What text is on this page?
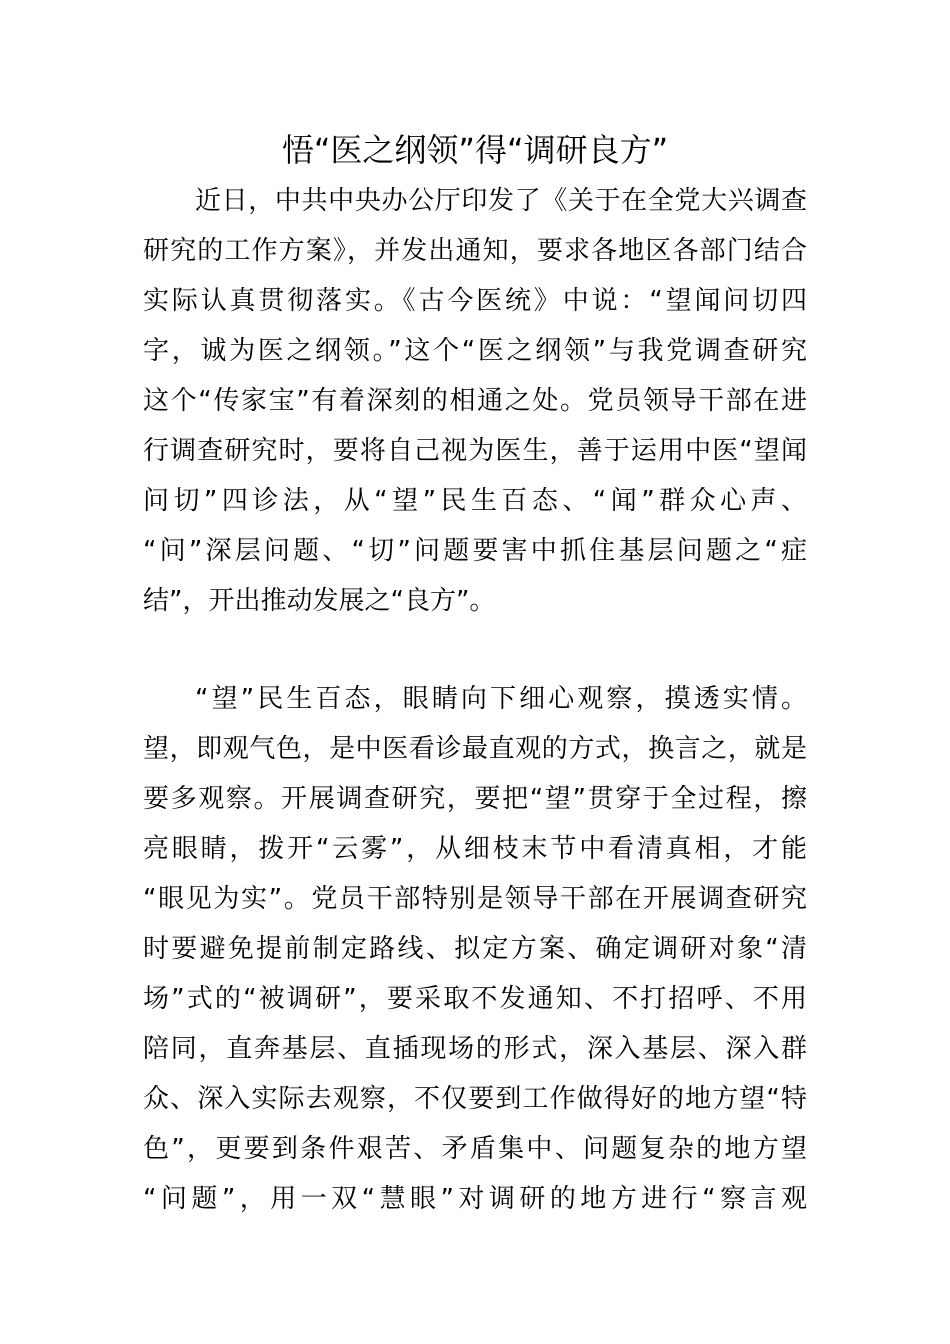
悟“医之纲领”得“调研良方”
近日，中共中央办公厅印发了《关于在全党大兴调查
研究的工作方案》，并发出通知，要求各地区各部门结合
实际认真贯彻落实。《古今医统》中说：“望闻问切四
字，诚为医之纲领。”这个“医之纲领”与我党调查研究
这个“传家宝”有着深刻的相通之处。党员领导干部在进
行调查研究时，要将自己视为医生，善于运用中医“望闻
问切”四诊法，从“望”民生百态、“闻”群众心声、
“问”深层问题、“切”问题要害中抓住基层问题之“症
结”，开出推动发展之“良方”。
“望”民生百态，眼睛向下细心观察，摸透实情。
望，即观气色，是中医看诊最直观的方式，换言之，就是
要多观察。开展调查研究，要把“望”贯穿于全过程，擦
亮眼睛，拨开“云雾”，从细枝末节中看清真相，才能
“眼见为实”。党员干部特别是领导干部在开展调查研究
时要避免提前制定路线、拟定方案、确定调研对象“清
场”式的“被调研”，要采取不发通知、不打招呼、不用
陪同，直奔基层、直插现场的形式，深入基层、深入群
众、深入实际去观察，不仅要到工作做得好的地方望“特
色”，更要到条件艰苦、矛盾集中、问题复杂的地方望
“问题”，用一双“慧眼”对调研的地方进行“察言观
